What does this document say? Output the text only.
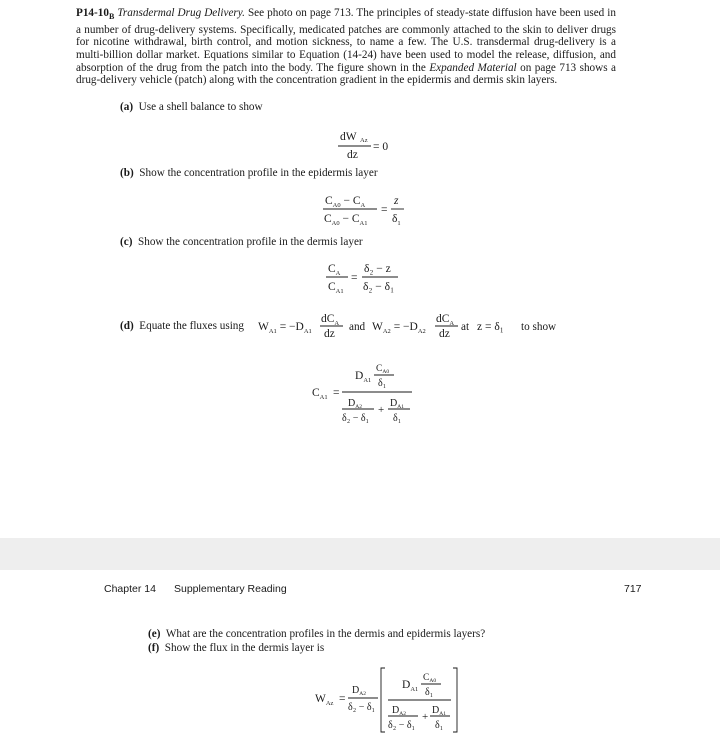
$P14-10_B$ Transdermal Drug Delivery. See photo on page 713. The principles of steady-state diffusion have been used in a number of drug-delivery systems. Specifically, medicated patches are commonly attached to the skin to deliver drugs for nicotine withdrawal, birth control, and motion sickness, to name a few. The U.S. transdermal drug-delivery is a multi-billion dollar market. Equations similar to Equation (14-24) have been used to model the release, diffusion, and absorption of the drug from the patch into the body. The figure shown in the Expanded Material on page 713 shows a drug-delivery vehicle (patch) along with the concentration gradient in the epidermis and dermis skin layers.
(a) Use a shell balance to show
dW Az
dz
= 0
(b) Show the concentration profile in the epidermis layer
$C_{A0} - C_A$
$C_{A0} - C_{A1}$
=
z
$\delta_1$
(c) Show the concentration profile in the dermis layer
$C_A$
$C_{A1}$
=
δ₂ − z
δ₂ − δ₁
(d) Equate the fluxes using $W_{A1} = -D_{A1}$
$dC_A$
dz
and $W_{A2} = -D_{A2}$
$dC_A$
dz
at z = δ₁ to show
$C_{A1}$ =
$D_{A1}$
$C_{A0}$
δ₁
$D_{A2}$
δ₂ − δ₁
+
$D_{A1}$
δ₁
Chapter 14 Supplementary Reading	717
(e) What are the concentration profiles in the dermis and epidermis layers?
(f) Show the flux in the dermis layer is
$W_{Az}$ =
$D_{A2}$
δ₂ − δ₁
$D_{A1}$
$C_{A0}$
δ₁
$D_{A2}$
δ₂ − δ₁
+
$D_{A1}$
δ₁
